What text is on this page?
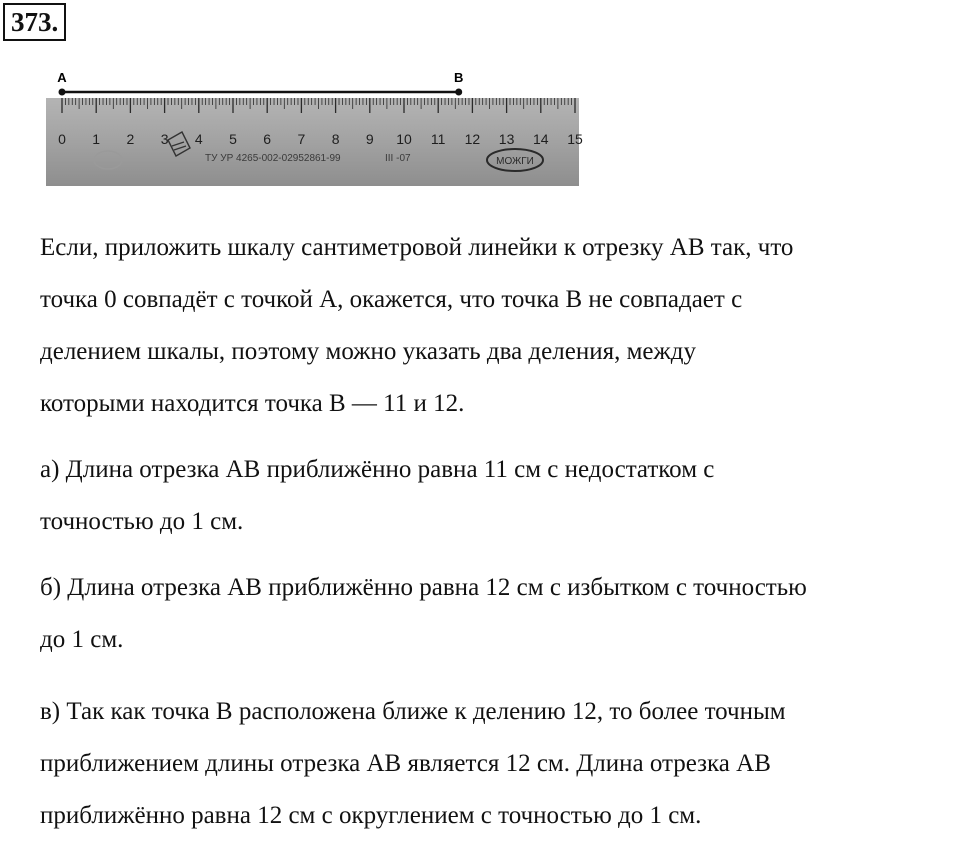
373.
0 1 2 3 4 5 6 7 8 9 10 11 12 13 14 15
ТУ УР 4265-002-02952861-99	III -07	МОЖГИ
A	B

Если, приложить шкалу сантиметровой линейки к отрезку АВ так, что

точка 0 совпадёт с точкой А, окажется, что точка В не совпадает с

делением шкалы, поэтому можно указать два деления, между

которыми находится точка В — 11 и 12.

а) Длина отрезка АВ приближённо равна 11 см с недостатком с

точностью до 1 см.

б) Длина отрезка АВ приближённо равна 12 см с избытком с точностью

до 1 см.

в) Так как точка В расположена ближе к делению 12, то более точным

приближением длины отрезка АВ является 12 см. Длина отрезка АВ

приближённо равна 12 см с округлением с точностью до 1 см.
